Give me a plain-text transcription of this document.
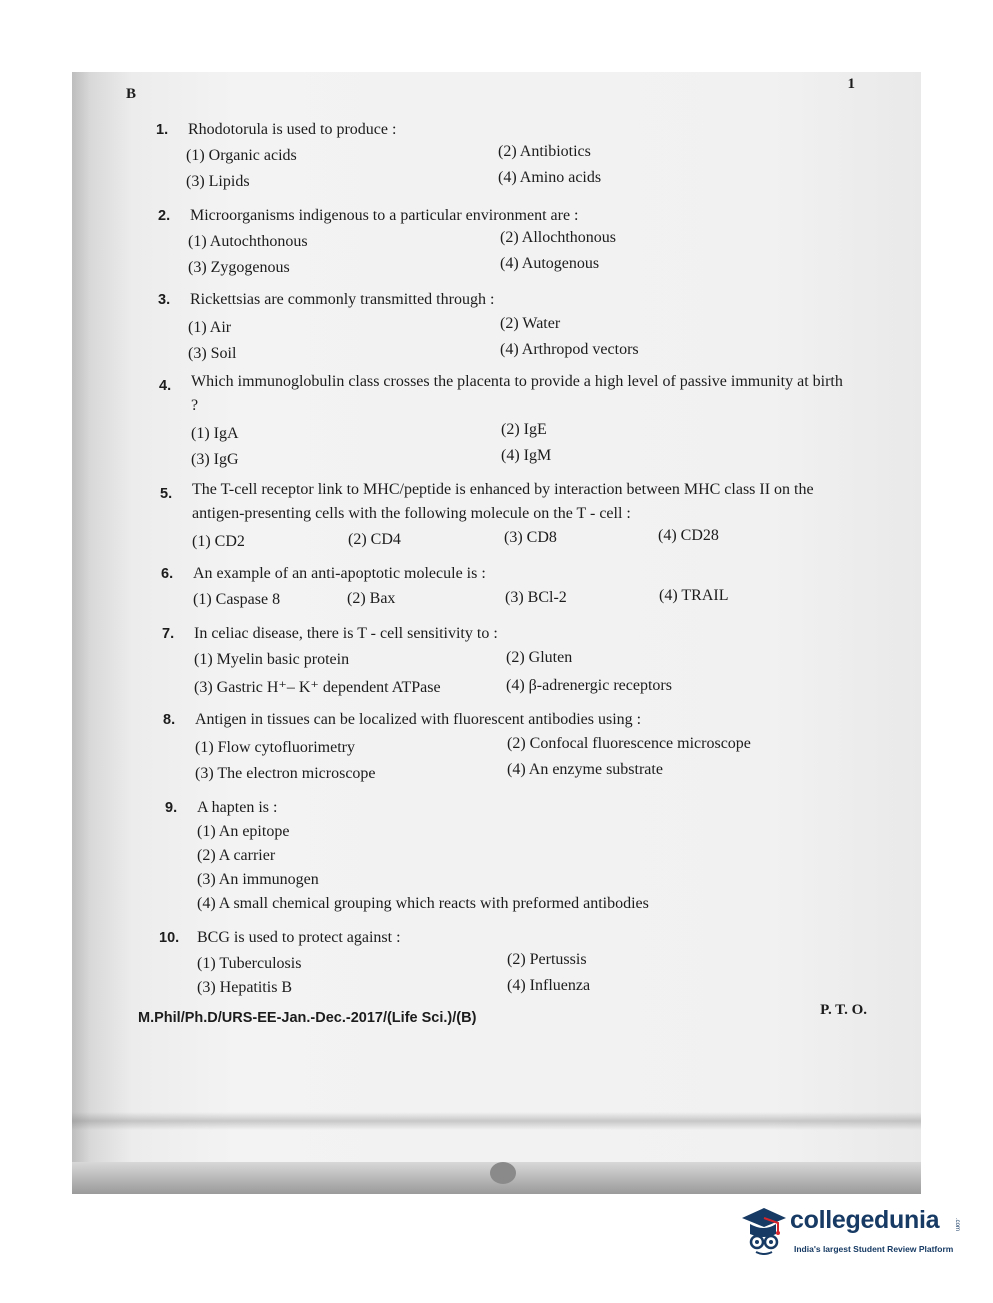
B
1
1. Rhodotorula is used to produce :
(1) Organic acids	(2) Antibiotics
(3) Lipids	(4) Amino acids
2. Microorganisms indigenous to a particular environment are :
(1) Autochthonous	(2) Allochthonous
(3) Zygogenous	(4) Autogenous
3. Rickettsias are commonly transmitted through :
(1) Air	(2) Water
(3) Soil	(4) Arthropod vectors
4. Which immunoglobulin class crosses the placenta to provide a high level of passive immunity at birth ?
(1) IgA	(2) IgE
(3) IgG	(4) IgM
5. The T-cell receptor link to MHC/peptide is enhanced by interaction between MHC class II on the antigen-presenting cells with the following molecule on the T - cell :
(1) CD2	(2) CD4	(3) CD8	(4) CD28
6. An example of an anti-apoptotic molecule is :
(1) Caspase 8	(2) Bax	(3) BCl-2	(4) TRAIL
7. In celiac disease, there is T - cell sensitivity to :
(1) Myelin basic protein	(2) Gluten
(3) Gastric H⁺– K⁺ dependent ATPase	(4) β-adrenergic receptors
8. Antigen in tissues can be localized with fluorescent antibodies using :
(1) Flow cytofluorimetry	(2) Confocal fluorescence microscope
(3) The electron microscope	(4) An enzyme substrate
9. A hapten is :
(1) An epitope
(2) A carrier
(3) An immunogen
(4) A small chemical grouping which reacts with preformed antibodies
10. BCG is used to protect against :
(1) Tuberculosis	(2) Pertussis
(3) Hepatitis B	(4) Influenza
M.Phil/Ph.D/URS-EE-Jan.-Dec.-2017/(Life Sci.)/(B)	P. T. O.
collegedunia .com
India's largest Student Review Platform
